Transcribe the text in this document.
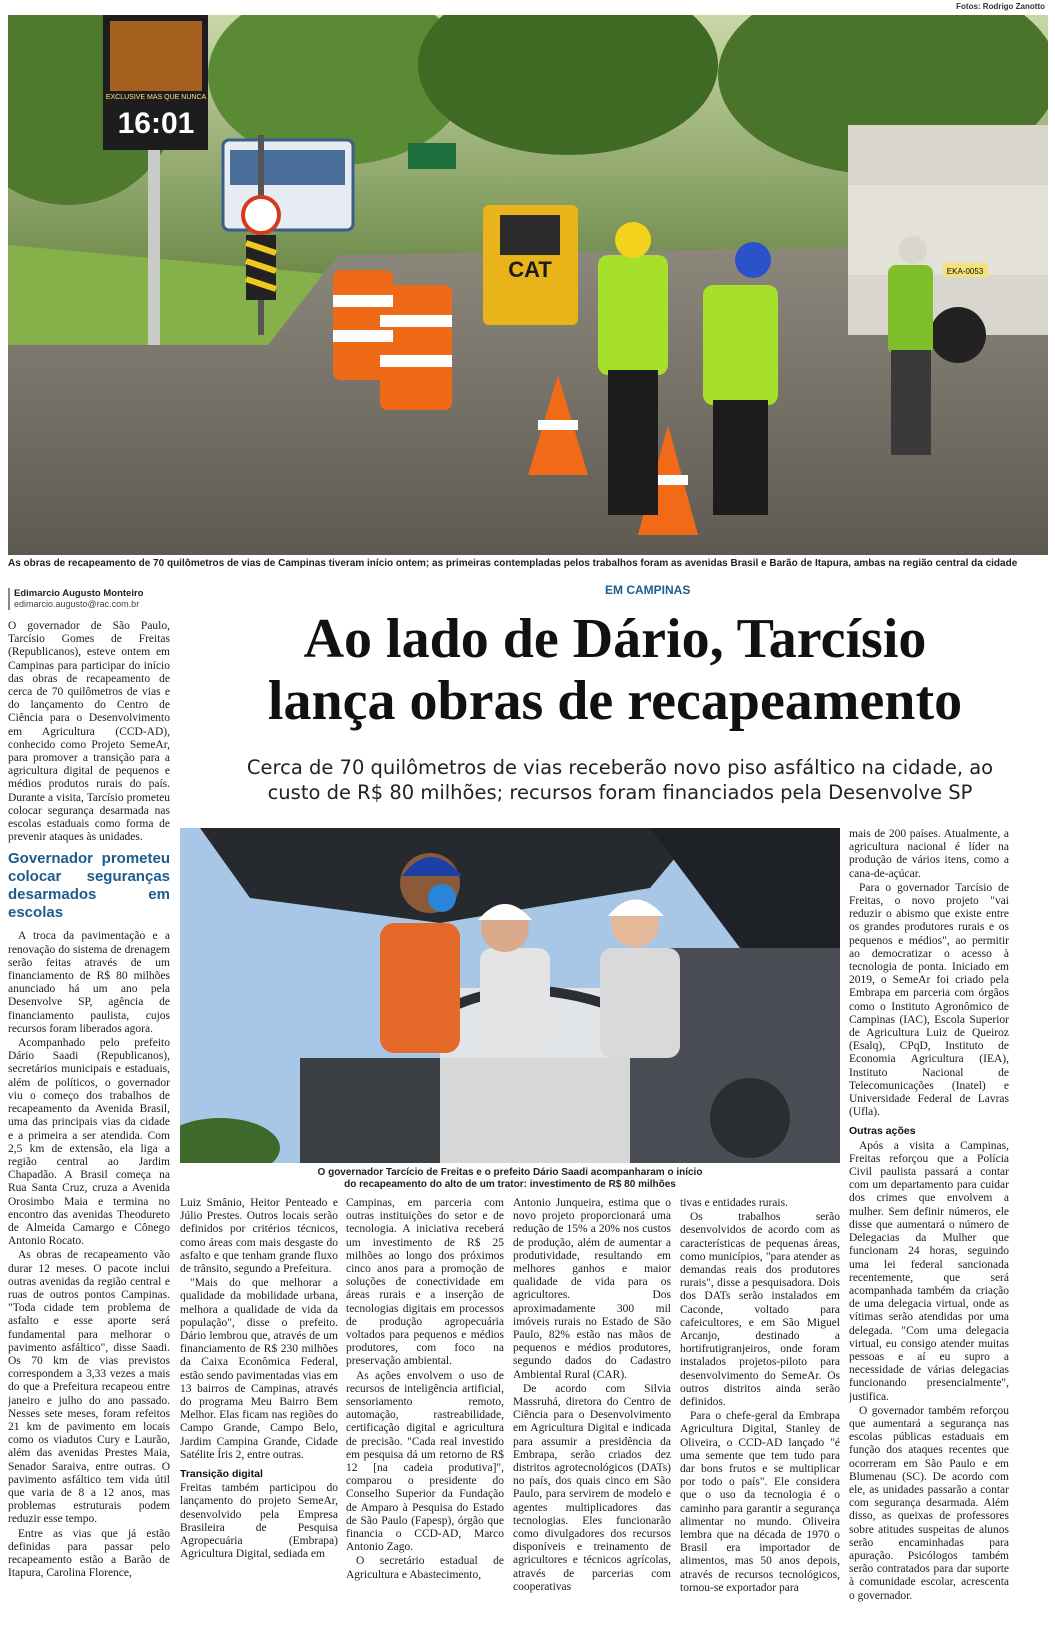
Fotos: Rodrigo Zanotto
16:01
EXCLUSIVE MAS QUE NUNCA
CAT	EKA-0053
As obras de recapeamento de 70 quilômetros de vias de Campinas tiveram início ontem; as primeiras contempladas pelos trabalhos foram as avenidas Brasil e Barão de Itapura, ambas na região central da cidade
Edimarcio Augusto Monteiro
edimarcio.augusto@rac.com.br
EM CAMPINAS
Ao lado de Dário, Tarcísio
lança obras de recapeamento
Cerca de 70 quilômetros de vias receberão novo piso asfáltico na cidade, ao
custo de R$ 80 milhões; recursos foram financiados pela Desenvolve SP

O governador de São Paulo, Tarcísio Gomes de Freitas (Republicanos), esteve ontem em Campinas para participar do início das obras de recapeamento de cerca de 70 quilômetros de vias e do lançamento do Centro de Ciência para o Desenvolvimento em Agricultura (CCD-AD), conhecido como Projeto SemeAr, para promover a transição para a agricultura digital de pequenos e médios produtos rurais do país. Durante a visita, Tarcísio prometeu colocar segurança desarmada nas escolas estaduais como forma de prevenir ataques às unidades.

Governador prometeu colocar seguranças desarmados em escolas

A troca da pavimentação e a renovação do sistema de drenagem serão feitas através de um financiamento de R$ 80 milhões anunciado há um ano pela Desenvolve SP, agência de financiamento paulista, cujos recursos foram liberados agora.

Acompanhado pelo prefeito Dário Saadi (Republicanos), secretários municipais e estaduais, além de políticos, o governador viu o começo dos trabalhos de recapeamento da Avenida Brasil, uma das principais vias da cidade e a primeira a ser atendida. Com 2,5 km de extensão, ela liga a região central ao Jardim Chapadão. A Brasil começa na Rua Santa Cruz, cruza a Avenida Orosimbo Maia e termina no encontro das avenidas Theodureto de Almeida Camargo e Cônego Antonio Rocato.

As obras de recapeamento vão durar 12 meses. O pacote inclui outras avenidas da região central e ruas de outros pontos Campinas. "Toda cidade tem problema de asfalto e esse aporte será fundamental para melhorar o pavimento asfáltico", disse Saadi. Os 70 km de vias previstos correspondem a 3,33 vezes a mais do que a Prefeitura recapeou entre janeiro e julho do ano passado. Nesses sete meses, foram refeitos 21 km de pavimento em locais como os viadutos Cury e Laurão, além das avenidas Prestes Maia, Senador Saraiva, entre outras. O pavimento asfáltico tem vida útil que varia de 8 a 12 anos, mas problemas estruturais podem reduzir esse tempo.

Entre as vias que já estão definidas para passar pelo recapeamento estão a Barão de Itapura, Carolina Florence,

O governador Tarcício de Freitas e o prefeito Dário Saadi acompanharam o início
do recapeamento do alto de um trator: investimento de R$ 80 milhões

mais de 200 países. Atualmente, a agricultura nacional é líder na produção de vários itens, como a cana-de-açúcar.

Para o governador Tarcísio de Freitas, o novo projeto "vai reduzir o abismo que existe entre os grandes produtores rurais e os pequenos e médios", ao permitir ao democratizar o acesso à tecnologia de ponta. Iniciado em 2019, o SemeAr foi criado pela Embrapa em parceria com órgãos como o Instituto Agronômico de Campinas (IAC), Escola Superior de Agricultura Luiz de Queiroz (Esalq), CPqD, Instituto de Economia Agricultura (IEA), Instituto Nacional de Telecomunicações (Inatel) e Universidade Federal de Lavras (Ufla).

Outras ações

Após a visita a Campinas, Freitas reforçou que a Polícia Civil paulista passará a contar com um departamento para cuidar dos crimes que envolvem a mulher. Sem definir números, ele disse que aumentará o número de Delegacias da Mulher que funcionam 24 horas, seguindo uma lei federal sancionada recentemente, que será acompanhada também da criação de uma delegacia virtual, onde as vítimas serão atendidas por uma delegada. "Com uma delegacia virtual, eu consigo atender muitas pessoas e aí eu supro a necessidade de várias delegacias funcionando presencialmente", justifica.

O governador também reforçou que aumentará a segurança nas escolas públicas estaduais em função dos ataques recentes que ocorreram em São Paulo e em Blumenau (SC). De acordo com ele, as unidades passarão a contar com segurança desarmada. Além disso, as queixas de professores sobre atitudes suspeitas de alunos serão encaminhadas para apuração. Psicólogos também serão contratados para dar suporte à comunidade escolar, acrescenta o governador.

Luiz Smânio, Heitor Penteado e Júlio Prestes. Outros locais serão definidos por critérios técnicos, como áreas com mais desgaste do asfalto e que tenham grande fluxo de trânsito, segundo a Prefeitura.

"Mais do que melhorar a qualidade da mobilidade urbana, melhora a qualidade de vida da população", disse o prefeito. Dário lembrou que, através de um financiamento de R$ 230 milhões da Caixa Econômica Federal, estão sendo pavimentadas vias em 13 bairros de Campinas, através do programa Meu Bairro Bem Melhor. Elas ficam nas regiões do Campo Grande, Campo Belo, Jardim Campina Grande, Cidade Satélite Íris 2, entre outras.

Transição digital

Freitas também participou do lançamento do projeto SemeAr, desenvolvido pela Empresa Brasileira de Pesquisa Agropecuária (Embrapa) Agricultura Digital, sediada em

Campinas, em parceria com outras instituições do setor e de tecnologia. A iniciativa receberá um investimento de R$ 25 milhões ao longo dos próximos cinco anos para a promoção de soluções de conectividade em áreas rurais e a inserção de tecnologias digitais em processos de produção agropecuária voltados para pequenos e médios produtores, com foco na preservação ambiental.

As ações envolvem o uso de recursos de inteligência artificial, sensoriamento remoto, automação, rastreabilidade, certificação digital e agricultura de precisão. "Cada real investido em pesquisa dá um retorno de R$ 12 [na cadeia produtiva]", comparou o presidente do Conselho Superior da Fundação de Amparo à Pesquisa do Estado de São Paulo (Fapesp), órgão que financia o CCD-AD, Marco Antonio Zago.

O secretário estadual de Agricultura e Abastecimento,

Antonio Junqueira, estima que o novo projeto proporcionará uma redução de 15% a 20% nos custos de produção, além de aumentar a produtividade, resultando em melhores ganhos e maior qualidade de vida para os agricultores. Dos aproximadamente 300 mil imóveis rurais no Estado de São Paulo, 82% estão nas mãos de pequenos e médios produtores, segundo dados do Cadastro Ambiental Rural (CAR).

De acordo com Silvia Massruhá, diretora do Centro de Ciência para o Desenvolvimento em Agricultura Digital e indicada para assumir a presidência da Embrapa, serão criados dez distritos agrotecnológicos (DATs) no país, dos quais cinco em São Paulo, para servirem de modelo e agentes multiplicadores das tecnologias. Eles funcionarão como divulgadores dos recursos disponíveis e treinamento de agricultores e técnicos agrícolas, através de parcerias com cooperativas

tivas e entidades rurais.

Os trabalhos serão desenvolvidos de acordo com as características de pequenas áreas, como municípios, "para atender as demandas reais dos produtores rurais", disse a pesquisadora. Dois dos DATs serão instalados em Caconde, voltado para cafeicultores, e em São Miguel Arcanjo, destinado a hortifrutigranjeiros, onde foram instalados projetos-piloto para desenvolvimento do SemeAr. Os outros distritos ainda serão definidos.

Para o chefe-geral da Embrapa Agricultura Digital, Stanley de Oliveira, o CCD-AD lançado "é uma semente que tem tudo para dar bons frutos e se multiplicar por todo o país". Ele considera que o uso da tecnologia é o caminho para garantir a segurança alimentar no mundo. Oliveira lembra que na década de 1970 o Brasil era importador de alimentos, mas 50 anos depois, através de recursos tecnológicos, tornou-se exportador para
